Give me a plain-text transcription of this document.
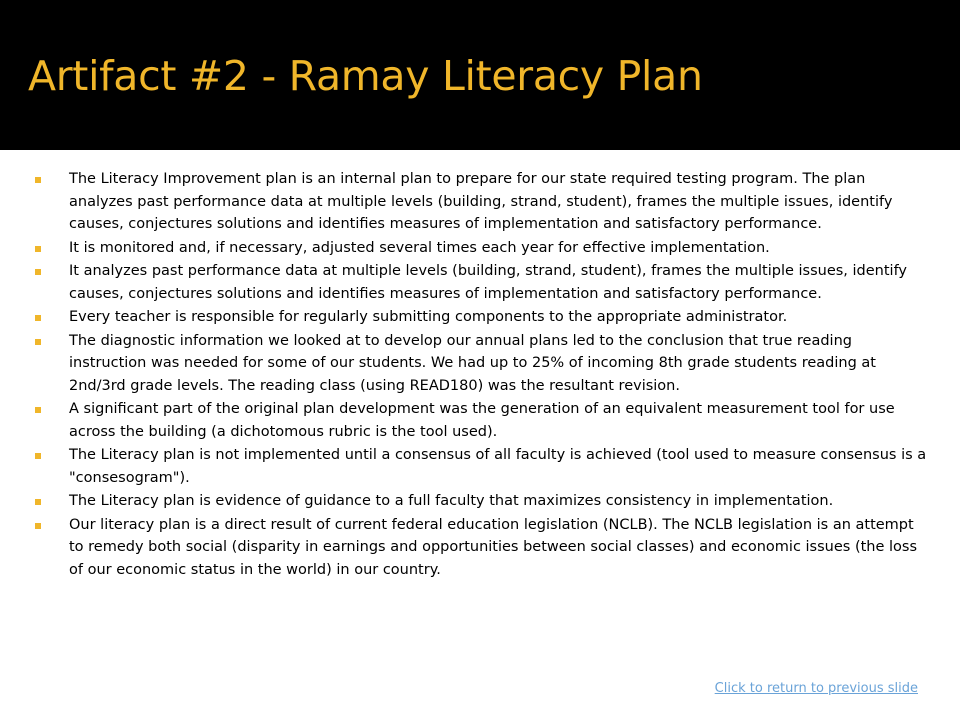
Artifact #2 - Ramay Literacy Plan
The Literacy Improvement plan is an internal plan to prepare for our state required testing program. The plan analyzes past performance data at multiple levels (building, strand, student), frames the multiple issues, identify causes, conjectures solutions and identifies measures of implementation and satisfactory performance.
It is monitored and, if necessary, adjusted several times each year for effective implementation.
It analyzes past performance data at multiple levels (building, strand, student), frames the multiple issues, identify causes, conjectures solutions and identifies measures of implementation and satisfactory performance.
Every teacher is responsible for regularly submitting components to the appropriate administrator.
The diagnostic information we looked at to develop our annual plans led to the conclusion that true reading instruction was needed for some of our students. We had up to 25% of incoming 8th grade students reading at 2nd/3rd grade levels. The reading class (using READ180) was the resultant revision.
A significant part of the original plan development was the generation of an equivalent measurement tool for use across the building (a dichotomous rubric is the tool used).
The Literacy plan is not implemented until a consensus of all faculty is achieved (tool used to measure consensus is a "consesogram").
The Literacy plan is evidence of guidance to a full faculty that maximizes consistency in implementation.
Our literacy plan is a direct result of current federal education legislation (NCLB). The NCLB legislation is an attempt to remedy both social (disparity in earnings and opportunities between social classes) and economic issues (the loss of our economic status in the world) in our country.
Click to return to previous slide
